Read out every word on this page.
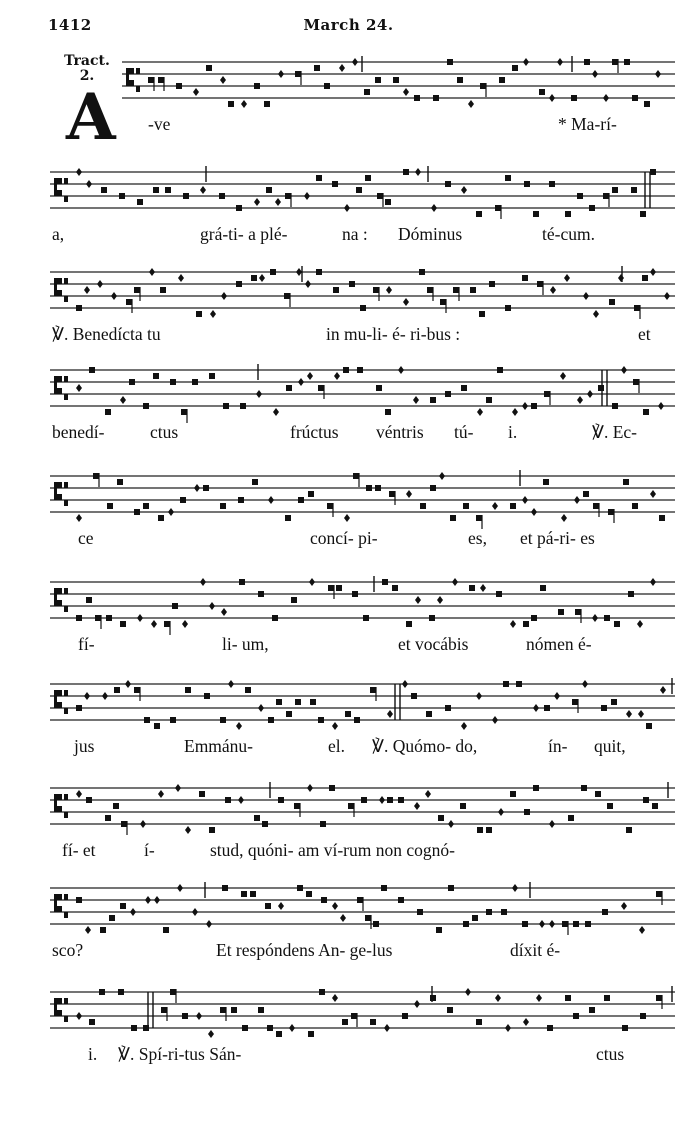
1412	March 24.
Tract.
2.
A -ve	* Ma-rí-
a,	grá-ti- a plé-	na : Dóminus	té-cum.
℣. Benedícta tu	in mu-li- é- ri-bus :	et
benedí-	ctus	frúctus véntris tú- i.	℣. Ec-
ce	concí- pi-	es, et pá-ri- es
fí-	li- um,	et vocábis	nómen é-
jus	Emmánu-	el. ℣. Quómo- do,	ín- quit,
fí- et	í-	stud, quóni- am ví-rum non cognó-
sco?	Et respóndens An- ge-lus	díxit é-
i. ℣. Spí-ri-tus Sán-	ctus
